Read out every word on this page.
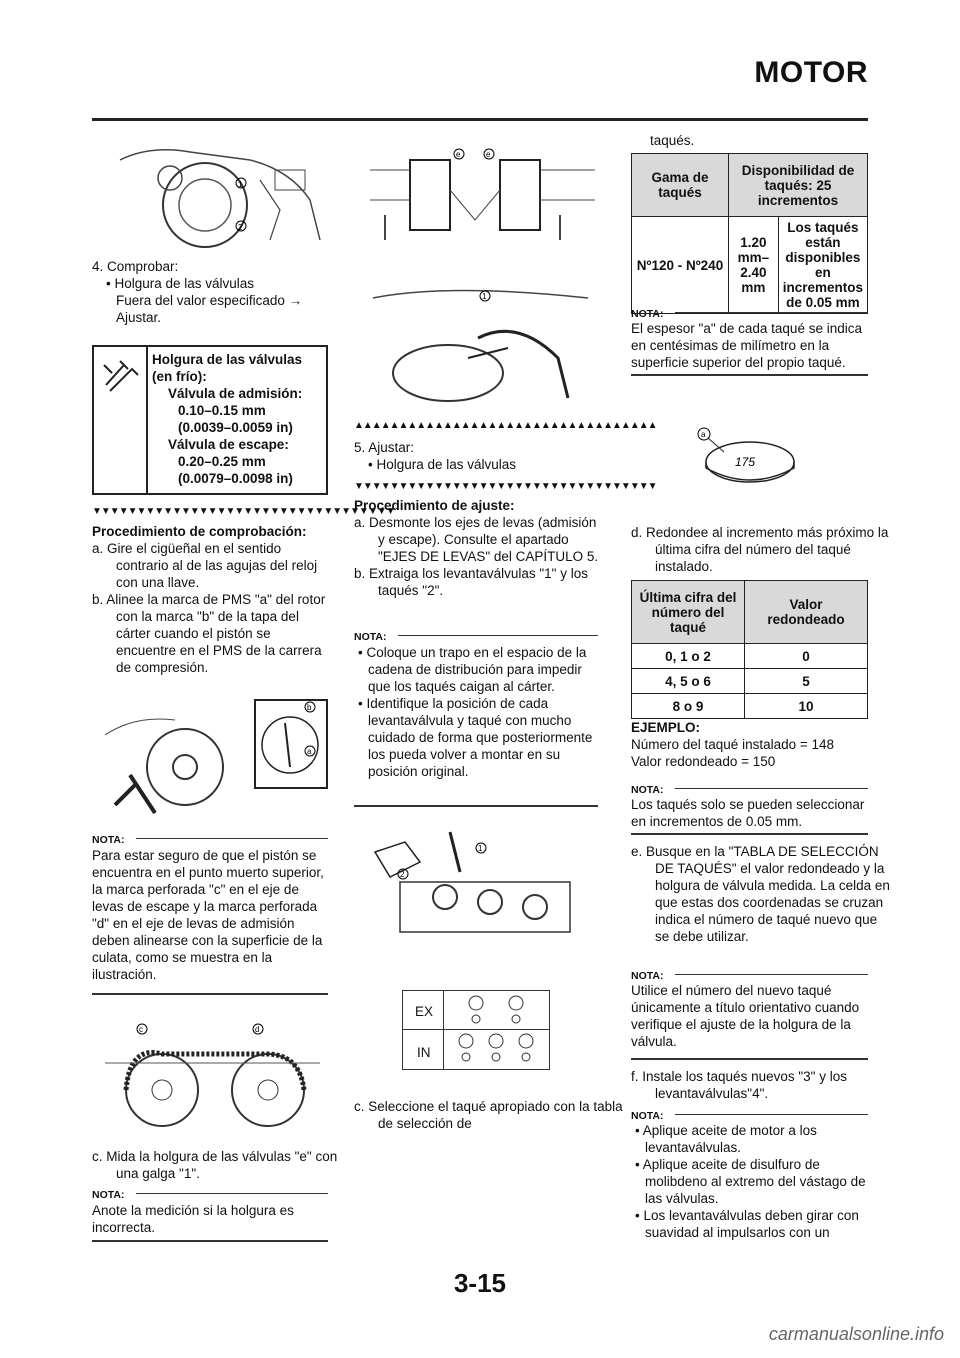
MOTOR
1
2
4. Comprobar:
• Holgura de las válvulas
Fuera del valor especificado →
Ajustar.
Holgura de las válvulas (en frío):
Válvula de admisión:
0.10–0.15 mm
(0.0039–0.0059 in)
Válvula de escape:
0.20–0.25 mm
(0.0079–0.0098 in)
▼▼▼▼▼▼▼▼▼▼▼▼▼▼▼▼▼▼▼▼▼▼▼▼▼▼▼▼▼▼▼▼▼▼
Procedimiento de comprobación:
a. Gire el cigüeñal en el sentido contrario al de las agujas del reloj con una llave.
b. Alinee la marca de PMS "a" del rotor con la marca "b" de la tapa del cárter cuando el pistón se encuentre en el PMS de la carrera de compresión.
b
a
NOTA:
Para estar seguro de que el pistón se encuentra en el punto muerto superior, la marca perforada "c" en el eje de levas de escape y la marca perforada "d" en el eje de levas de admisión deben alinearse con la superficie de la culata, como se muestra en la ilustración.
c	d
c. Mida la holgura de las válvulas "e" con una galga "1".
NOTA:
Anote la medición si la holgura es incorrecta.
e	e
1
▲▲▲▲▲▲▲▲▲▲▲▲▲▲▲▲▲▲▲▲▲▲▲▲▲▲▲▲▲▲▲▲▲▲
5. Ajustar:
• Holgura de las válvulas
▼▼▼▼▼▼▼▼▼▼▼▼▼▼▼▼▼▼▼▼▼▼▼▼▼▼▼▼▼▼▼▼▼▼
Procedimiento de ajuste:
a. Desmonte los ejes de levas (admisión y escape). Consulte el apartado "EJES DE LEVAS" del CAPÍTULO 5.
b. Extraiga los levantaválvulas "1" y los taqués "2".
NOTA:
• Coloque un trapo en el espacio de la cadena de distribución para impedir que los taqués caigan al cárter.
• Identifique la posición de cada levantaválvula y taqué con mucho cuidado de forma que posteriormente los pueda volver a montar en su posición original.
1
2
EX
IN
c. Seleccione el taqué apropiado con la tabla de selección de
taqués.
Gama de taqués	Disponibilidad de taqués: 25 incrementos	
Nº120 - Nº240	1.20 mm– 2.40 mm	Los taqués están disponibles en incrementos de 0.05 mm
NOTA:
El espesor "a" de cada taqué se indica en centésimas de milímetro en la superficie superior del propio taqué.
a
175
d. Redondee al incremento más próximo la última cifra del número del taqué instalado.
Última cifra del número del taqué	Valor redondeado
0, 1 o 2	0
4, 5 o 6	5
8 o 9	10
EJEMPLO:
Número del taqué instalado = 148
Valor redondeado = 150
NOTA:
Los taqués solo se pueden seleccionar en incrementos de 0.05 mm.
e. Busque en la "TABLA DE SELECCIÓN DE TAQUÉS" el valor redondeado y la holgura de válvula medida. La celda en que estas dos coordenadas se cruzan indica el número de taqué nuevo que se debe utilizar.
NOTA:
Utilice el número del nuevo taqué únicamente a título orientativo cuando verifique el ajuste de la holgura de la válvula.
f. Instale los taqués nuevos "3" y los levantaválvulas"4".
NOTA:
• Aplique aceite de motor a los levantaválvulas.
• Aplique aceite de disulfuro de molibdeno al extremo del vástago de las válvulas.
• Los levantaválvulas deben girar con suavidad al impulsarlos con un
3-15
carmanualsonline.info
